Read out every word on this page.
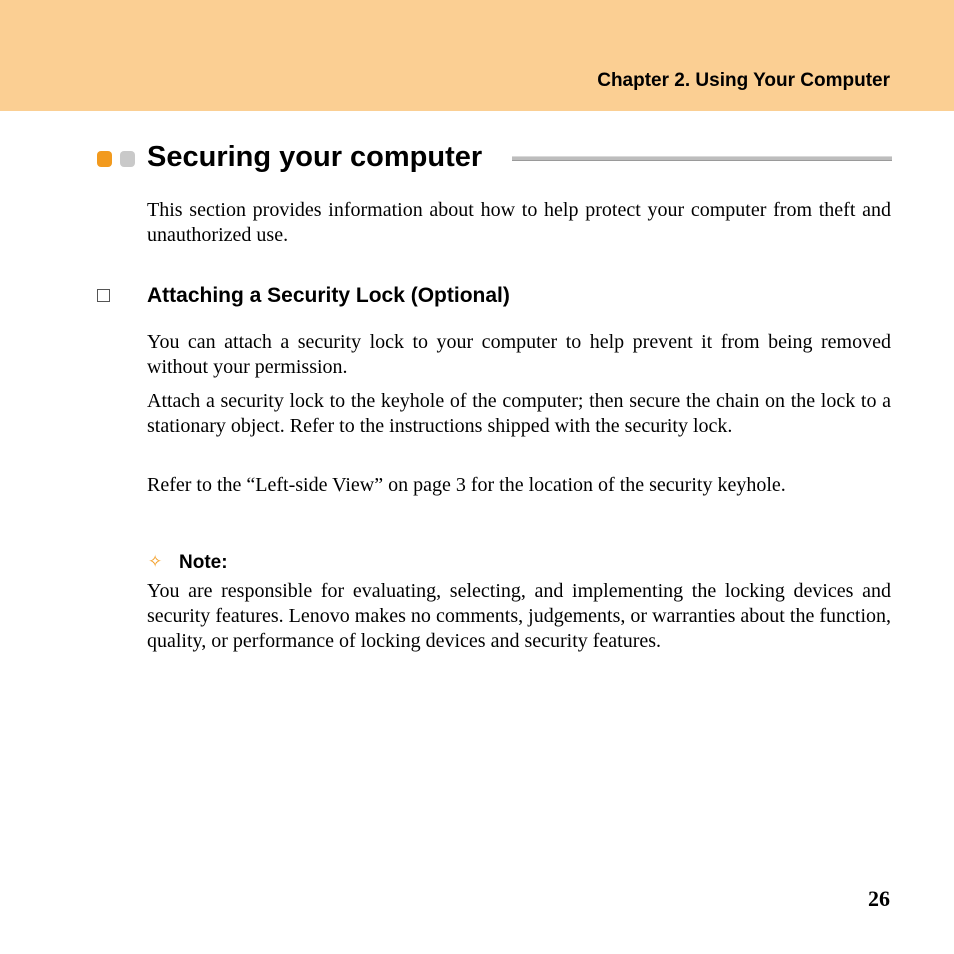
Chapter 2. Using Your Computer
Securing your computer

This section provides information about how to help protect your computer from theft and unauthorized use.

Attaching a Security Lock (Optional)

You can attach a security lock to your computer to help prevent it from being removed without your permission.

Attach a security lock to the keyhole of the computer; then secure the chain on the lock to a stationary object. Refer to the instructions shipped with the security lock.

Refer to the “Left-side View” on page 3 for the location of the security keyhole.

✧ Note:

You are responsible for evaluating, selecting, and implementing the locking devices and security features. Lenovo makes no comments, judgements, or warranties about the function, quality, or performance of locking devices and security features.

26
